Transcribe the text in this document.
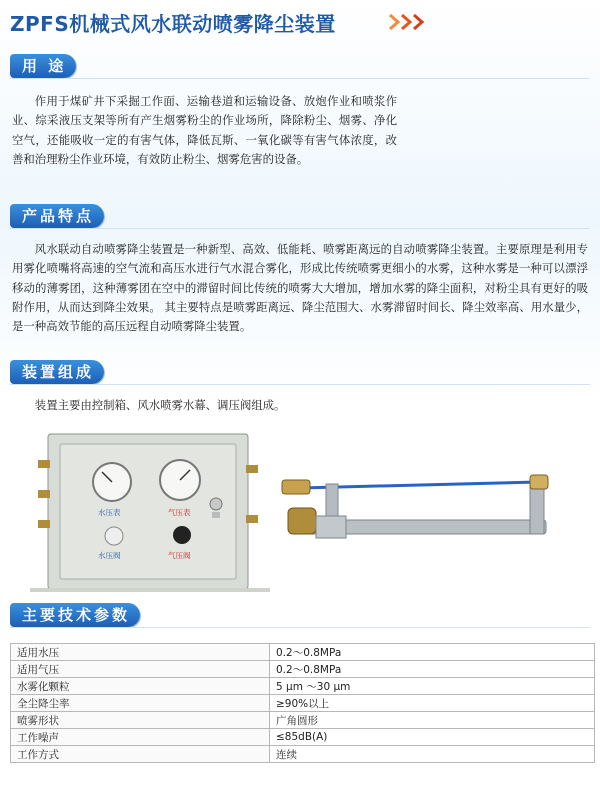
ZPFS机械式风水联动喷雾降尘装置
用 途
作用于煤矿井下采掘工作面、运输巷道和运输设备、放炮作业和喷浆作业、综采液压支架等所有产生烟雾粉尘的作业场所，降除粉尘、烟雾、净化空气，还能吸收一定的有害气体，降低瓦斯、一氧化碳等有害气体浓度，改善和治理粉尘作业环境，有效防止粉尘、烟雾危害的设备。
产品特点
风水联动自动喷雾降尘装置是一种新型、高效、低能耗、喷雾距离远的自动喷雾降尘装置。主要原理是利用专用雾化喷嘴将高速的空气流和高压水进行气水混合雾化，形成比传统喷雾更细小的水雾，这种水雾是一种可以漂浮移动的薄雾团，这种薄雾团在空中的滞留时间比传统的喷雾大大增加，增加水雾的降尘面积，对粉尘具有更好的吸附作用，从而达到降尘效果。 其主要特点是喷雾距离远、降尘范围大、水雾滞留时间长、降尘效率高、用水量少，是一种高效节能的高压远程自动喷雾降尘装置。
装置组成
装置主要由控制箱、风水喷雾水幕、调压阀组成。
水压表	气压表
水压阀	气压阀
主要技术参数
适用水压	0.2～0.8MPa
适用气压	0.2～0.8MPa
水雾化颗粒	5 μm ～30 μm
全尘降尘率	≥90%以上
喷雾形状	广角圆形
工作噪声	≤85dB(A)
工作方式	连续
